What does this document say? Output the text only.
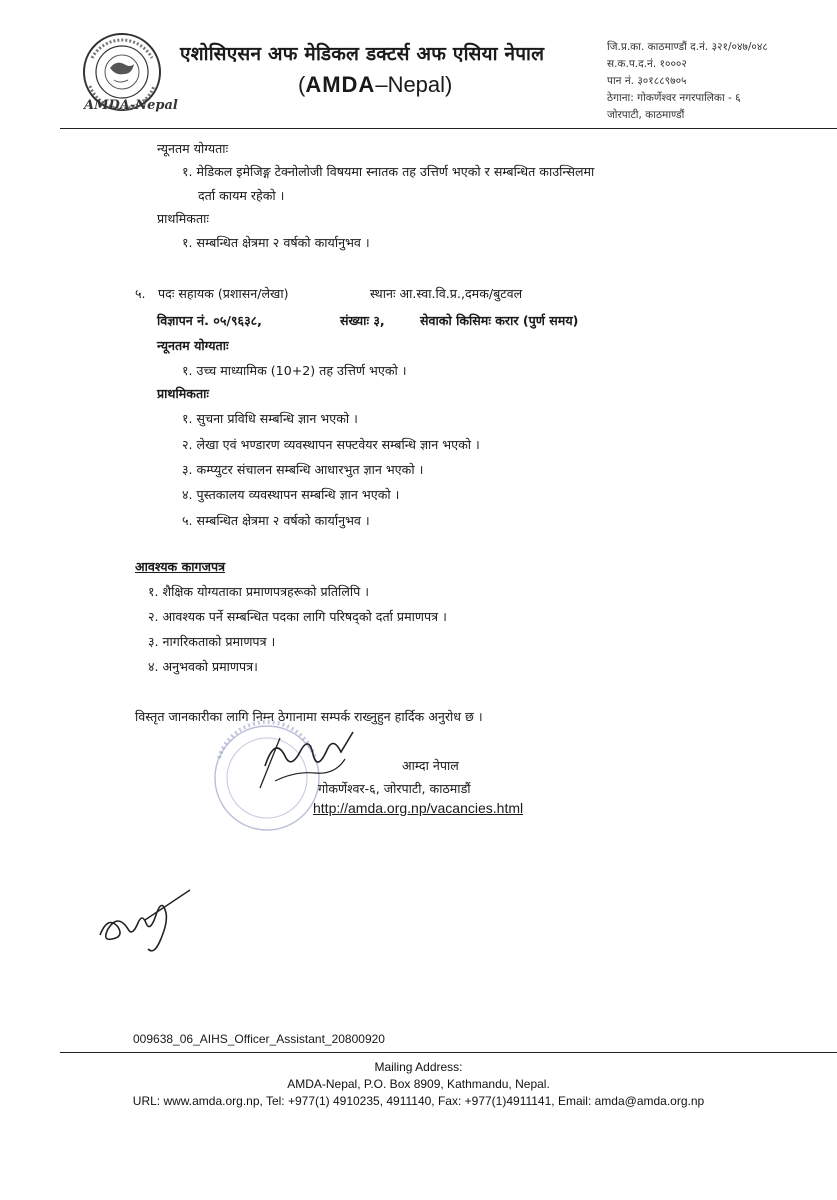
AMDA-Nepal
एशोसिएसन अफ मेडिकल डक्टर्स अफ एसिया नेपाल
(AMDA–Nepal)
जि.प्र.का. काठमाण्डौं द.नं. ३२१/०४७/०४८
स.क.प.द.नं. १०००२
पान नं. ३०१८८९७०५
ठेगाना: गोकर्णेश्वर नगरपालिका - ६
जोरपाटी, काठमाण्डौं
न्यूनतम योग्यताः
१. मेडिकल इमेजिङ्ग टेक्नोलोजी विषयमा स्नातक तह उत्तिर्ण भएको र सम्बन्धित काउन्सिलमा
दर्ता कायम रहेको ।
प्राथमिकताः
१. सम्बन्धित क्षेत्रमा २ वर्षको कार्यानुभव ।
५. पदः सहायक (प्रशासन/लेखा)	स्थानः आ.स्वा.वि.प्र.,दमक/बुटवल
विज्ञापन नं. ०५/९६३८,	संख्याः ३,	सेवाको किसिमः करार (पुर्ण समय)
न्यूनतम योग्यताः
१. उच्च माध्यामिक (10+2) तह उत्तिर्ण भएको ।
प्राथमिकताः
१. सुचना प्रविधि सम्बन्धि ज्ञान भएको ।
२. लेखा एवं भण्डारण व्यवस्थापन सफ्टवेयर सम्बन्धि ज्ञान भएको ।
३. कम्प्युटर संचालन सम्बन्धि आधारभुत ज्ञान भएको ।
४. पुस्तकालय व्यवस्थापन सम्बन्धि ज्ञान भएको ।
५. सम्बन्धित क्षेत्रमा २ वर्षको कार्यानुभव ।
आवश्यक कागजपत्र
१. शैक्षिक योग्यताका प्रमाणपत्रहरूको प्रतिलिपि ।
२. आवश्यक पर्ने सम्बन्धित पदका लागि परिषद्को दर्ता प्रमाणपत्र ।
३. नागरिकताको प्रमाणपत्र ।
४. अनुभवको प्रमाणपत्र।
विस्तृत जानकारीका लागि निम्न ठेगानामा सम्पर्क राख्नुहुन हार्दिक अनुरोध छ ।
आम्दा नेपाल
गोकर्णेश्वर-६, जोरपाटी, काठमाडौं
http://amda.org.np/vacancies.html
009638_06_AIHS_Officer_Assistant_20800920
Mailing Address:
AMDA-Nepal, P.O. Box 8909, Kathmandu, Nepal.
URL: www.amda.org.np, Tel: +977(1) 4910235, 4911140, Fax: +977(1)4911141, Email: amda@amda.org.np
